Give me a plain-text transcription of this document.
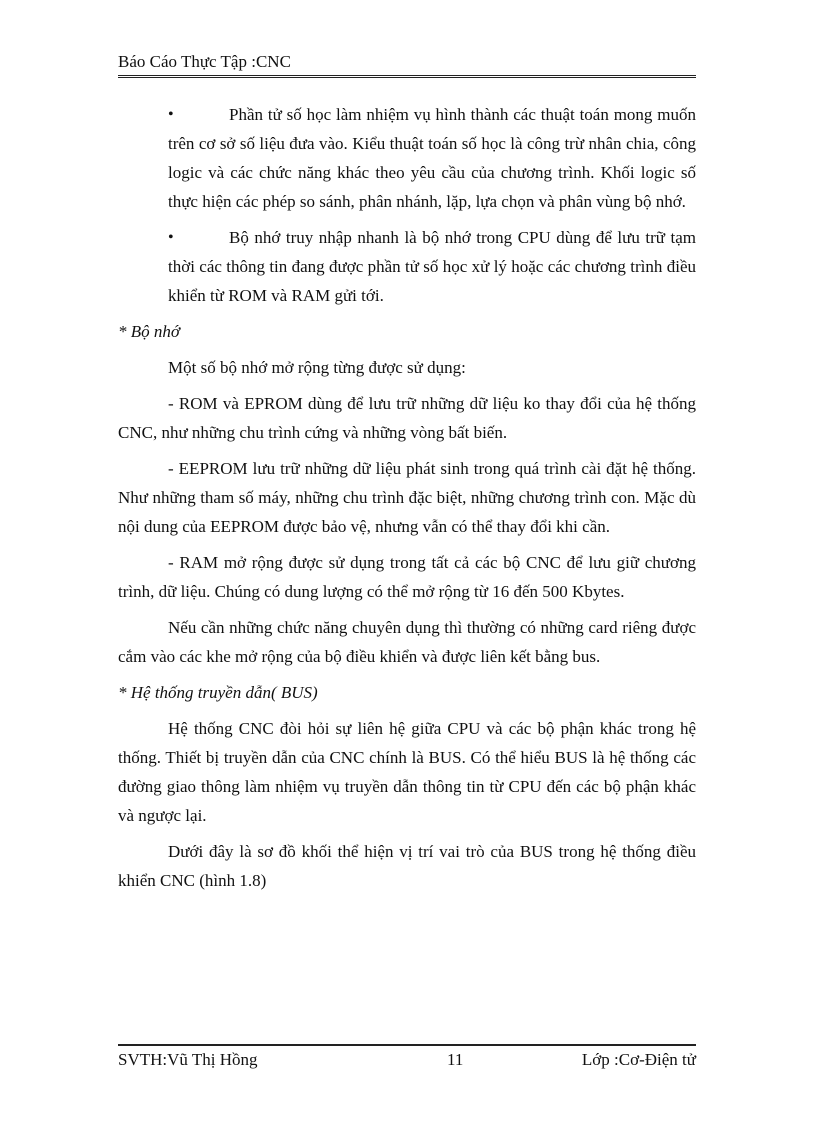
Báo Cáo Thực Tập :CNC

•	Phần tử số học làm nhiệm vụ hình thành các thuật toán mong muốn trên cơ sở số liệu đưa vào. Kiểu thuật toán số học là công trừ nhân chia, công logic và các chức năng khác theo yêu cầu của chương trình. Khối logic số thực hiện các phép so sánh, phân nhánh, lặp, lựa chọn và phân vùng bộ nhớ.

•	Bộ nhớ truy nhập nhanh là bộ nhớ trong CPU dùng để lưu trữ tạm thời các thông tin đang được phần tử số học xử lý hoặc các chương trình điều khiển từ ROM và RAM gửi tới.

* Bộ nhớ

Một số bộ nhớ mở rộng từng được sử dụng:

- ROM và EPROM dùng để lưu trữ những dữ liệu ko thay đổi của hệ thống CNC, như những chu trình cứng và những vòng bất biến.

- EEPROM lưu trữ những dữ liệu phát sinh trong quá trình cài đặt hệ thống. Như những tham số máy, những chu trình đặc biệt, những chương trình con. Mặc dù nội dung của EEPROM được bảo vệ, nhưng vẫn có thể thay đổi khi cần.

- RAM mở rộng được sử dụng trong tất cả các bộ CNC để lưu giữ chương trình, dữ liệu. Chúng có dung lượng có thể mở rộng từ 16 đến 500 Kbytes.

Nếu cần những chức năng chuyên dụng thì thường có những card riêng được cắm vào các khe mở rộng của bộ điều khiển và được liên kết bằng bus.

* Hệ thống truyền dẫn( BUS)

Hệ thống CNC đòi hỏi sự liên hệ giữa CPU và các bộ phận khác trong hệ thống. Thiết bị truyền dẫn của CNC chính là BUS. Có thể hiểu BUS là hệ thống các đường giao thông làm nhiệm vụ truyền dẫn thông tin từ CPU đến các bộ phận khác và ngược lại.

Dưới đây là sơ đồ khối thể hiện vị trí vai trò của BUS trong hệ thống điều khiển CNC (hình 1.8)

SVTH:Vũ Thị Hồng	11	Lớp :Cơ-Điện tử
